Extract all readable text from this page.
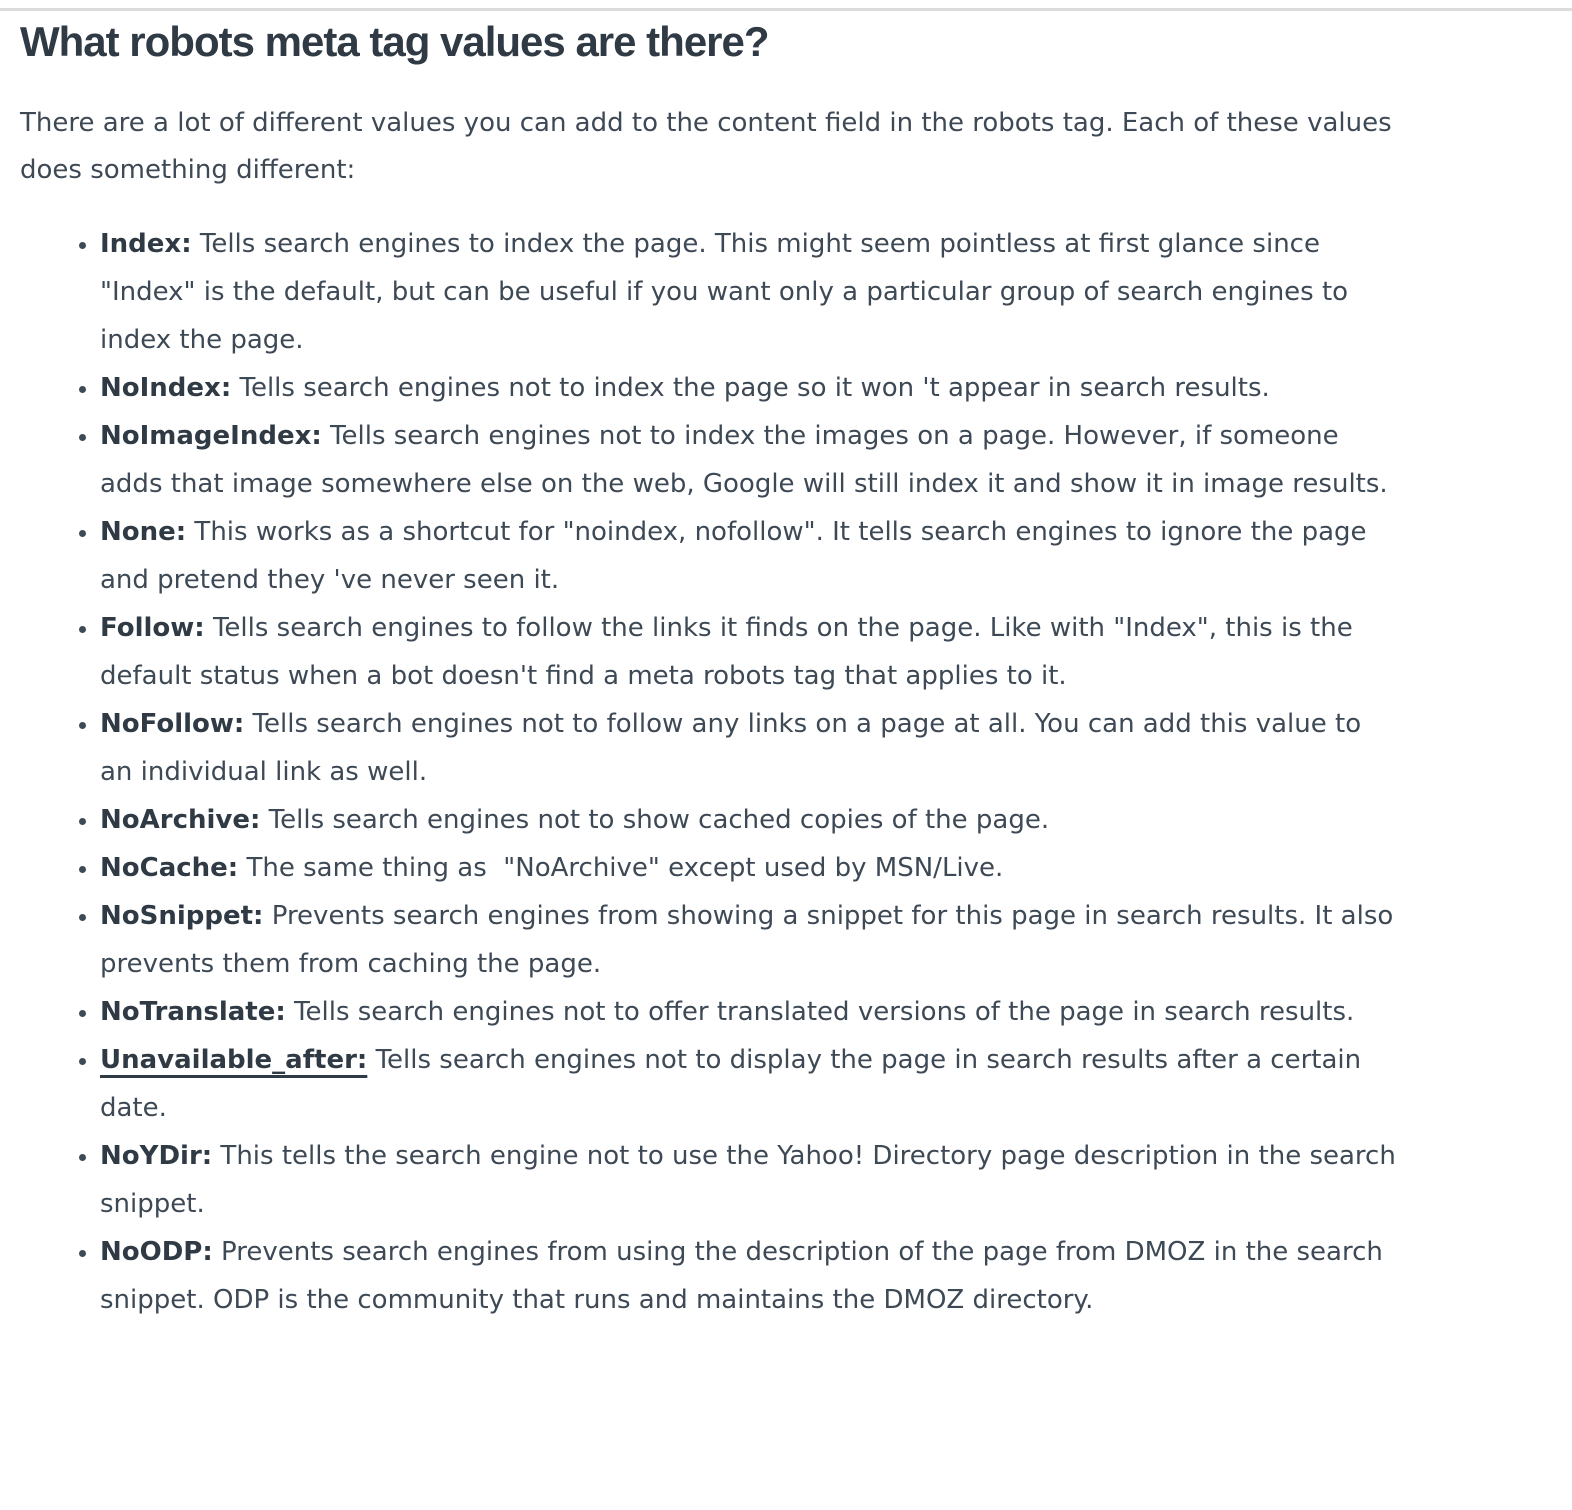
What robots meta tag values are there?

There are a lot of different values you can add to the content field in the robots tag. Each of these values does something different:

• Index: Tells search engines to index the page. This might seem pointless at first glance since  "Index" is the default, but can be useful if you want only a particular group of search engines to index the page.
• NoIndex: Tells search engines not to index the page so it won 't appear in search results.
• NoImageIndex: Tells search engines not to index the images on a page. However, if someone adds that image somewhere else on the web, Google will still index it and show it in image results.
• None: This works as a shortcut for "noindex, nofollow". It tells search engines to ignore the page and pretend they 've never seen it.
• Follow: Tells search engines to follow the links it finds on the page. Like with "Index", this is the default status when a bot doesn't find a meta robots tag that applies to it.
• NoFollow: Tells search engines not to follow any links on a page at all. You can add this value to an individual link as well.
• NoArchive: Tells search engines not to show cached copies of the page.
• NoCache: The same thing as  "NoArchive" except used by MSN/Live.
• NoSnippet: Prevents search engines from showing a snippet for this page in search results. It also prevents them from caching the page.
• NoTranslate: Tells search engines not to offer translated versions of the page in search results.
• Unavailable_after: Tells search engines not to display the page in search results after a certain date.
• NoYDir: This tells the search engine not to use the Yahoo! Directory page description in the search snippet.
• NoODP: Prevents search engines from using the description of the page from DMOZ in the search snippet. ODP is the community that runs and maintains the DMOZ directory.
